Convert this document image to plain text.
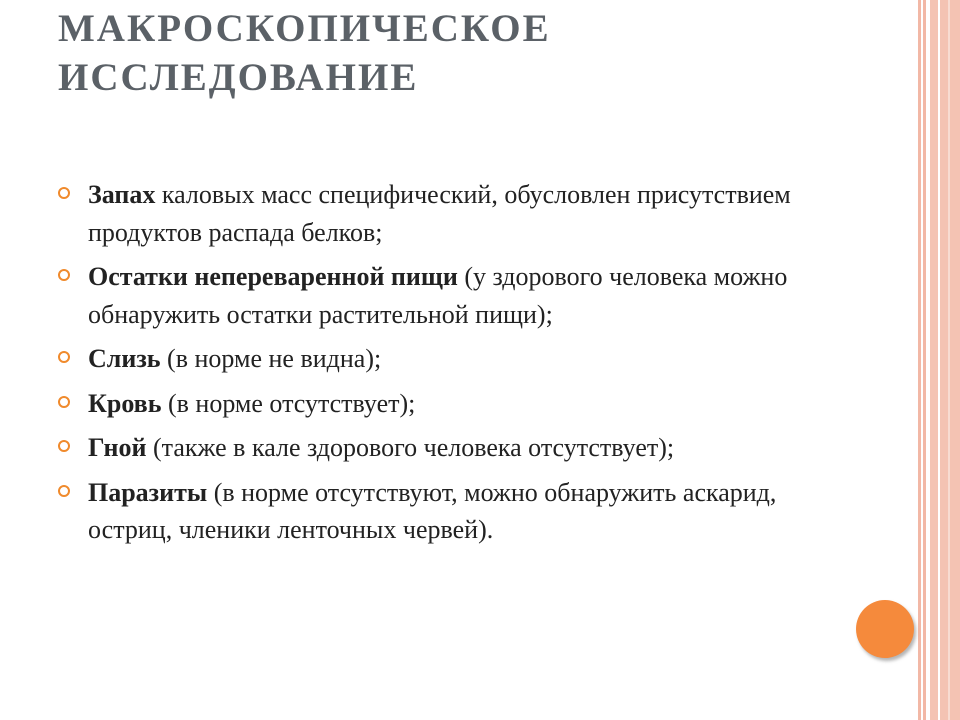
МАКРОСКОПИЧЕСКОЕ
ИССЛЕДОВАНИЕ
Запах каловых масс специфический, обусловлен присутствием продуктов распада белков;
Остатки непереваренной пищи (у здорового человека можно обнаружить остатки растительной пищи);
Слизь (в норме не видна);
Кровь (в норме отсутствует);
Гной (также в кале здорового человека отсутствует);
Паразиты (в норме отсутствуют, можно обнаружить аскарид, остриц, членики ленточных червей).
